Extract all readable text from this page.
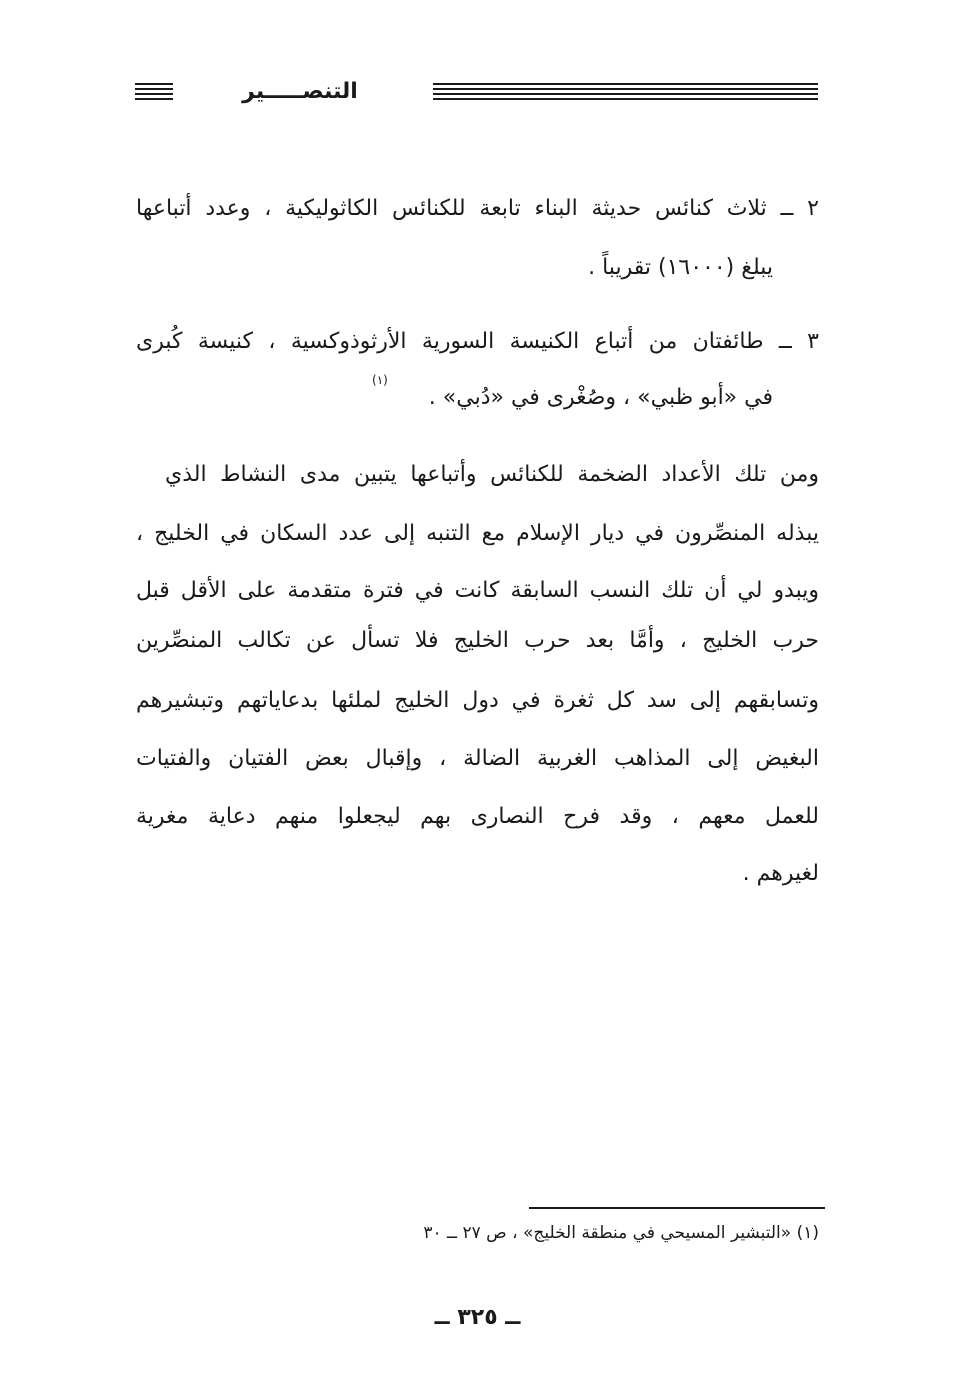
التنصـــــير
٢ ــ ثلاث كنائس حديثة البناء تابعة للكنائس الكاثوليكية ، وعدد أتباعها
يبلغ (١٦٠٠٠) تقريباً .
٣ ــ طائفتان من أتباع الكنيسة السورية الأرثوذوكسية ، كنيسة كُبرى
في «أبو ظبي» ، وصُغْرى في «دُبي» .
(١)
ومن تلك الأعداد الضخمة للكنائس وأتباعها يتبين مدى النشاط الذي
يبذله المنصِّرون في ديار الإسلام مع التنبه إلى عدد السكان في الخليج ،
ويبدو لي أن تلك النسب السابقة كانت في فترة متقدمة على الأقل قبل
حرب الخليج ، وأمَّا بعد حرب الخليج فلا تسأل عن تكالب المنصِّرين
وتسابقهم إلى سد كل ثغرة في دول الخليج لملئها بدعاياتهم وتبشيرهم
البغيض إلى المذاهب الغربية الضالة ، وإقبال بعض الفتيان والفتيات
للعمل معهم ، وقد فرح النصارى بهم ليجعلوا منهم دعاية مغرية
لغيرهم .
(١) «التبشير المسيحي في منطقة الخليج» ، ص ٢٧ ــ ٣٠
ــ ٣٢٥ ــ
